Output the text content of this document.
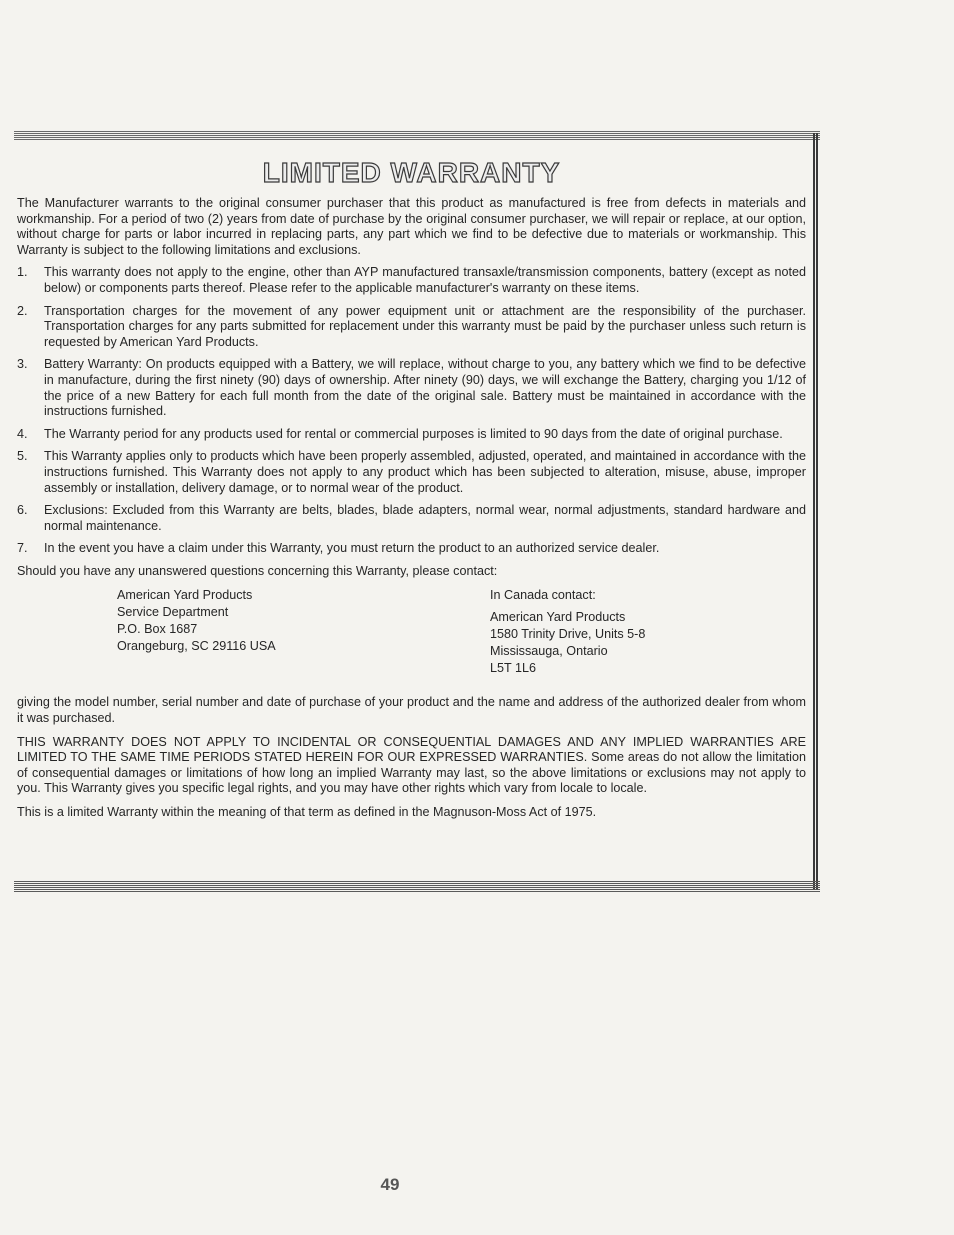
LIMITED WARRANTY

The Manufacturer warrants to the original consumer purchaser that this product as manufactured is free from defects in materials and workmanship. For a period of two (2) years from date of purchase by the original consumer purchaser, we will repair or replace, at our option, without charge for parts or labor incurred in replacing parts, any part which we find to be defective due to materials or workmanship. This Warranty is subject to the following limitations and exclusions.

1.	This warranty does not apply to the engine, other than AYP manufactured transaxle/transmission components, battery (except as noted below) or components parts thereof. Please refer to the applicable manufacturer's warranty on these items.
2.	Transportation charges for the movement of any power equipment unit or attachment are the responsibility of the purchaser. Transportation charges for any parts submitted for replacement under this warranty must be paid by the purchaser unless such return is requested by American Yard Products.
3.	Battery Warranty: On products equipped with a Battery, we will replace, without charge to you, any battery which we find to be defective in manufacture, during the first ninety (90) days of ownership. After ninety (90) days, we will exchange the Battery, charging you 1/12 of the price of a new Battery for each full month from the date of the original sale. Battery must be maintained in accordance with the instructions furnished.
4.	The Warranty period for any products used for rental or commercial purposes is limited to 90 days from the date of original purchase.
5.	This Warranty applies only to products which have been properly assembled, adjusted, operated, and maintained in accordance with the instructions furnished. This Warranty does not apply to any product which has been subjected to alteration, misuse, abuse, improper assembly or installation, delivery damage, or to normal wear of the product.
6.	Exclusions: Excluded from this Warranty are belts, blades, blade adapters, normal wear, normal adjustments, standard hardware and normal maintenance.
7.	In the event you have a claim under this Warranty, you must return the product to an authorized service dealer.

Should you have any unanswered questions concerning this Warranty, please contact:

American Yard Products
Service Department
P.O. Box 1687
Orangeburg, SC 29116 USA
In Canada contact:
American Yard Products
1580 Trinity Drive, Units 5-8
Mississauga, Ontario
L5T 1L6

giving the model number, serial number and date of purchase of your product and the name and address of the authorized dealer from whom it was purchased.

THIS WARRANTY DOES NOT APPLY TO INCIDENTAL OR CONSEQUENTIAL DAMAGES AND ANY IMPLIED WARRANTIES ARE LIMITED TO THE SAME TIME PERIODS STATED HEREIN FOR OUR EXPRESSED WARRANTIES. Some areas do not allow the limitation of consequential damages or limitations of how long an implied Warranty may last, so the above limitations or exclusions may not apply to you. This Warranty gives you specific legal rights, and you may have other rights which vary from locale to locale.

This is a limited Warranty within the meaning of that term as defined in the Magnuson-Moss Act of 1975.

49
